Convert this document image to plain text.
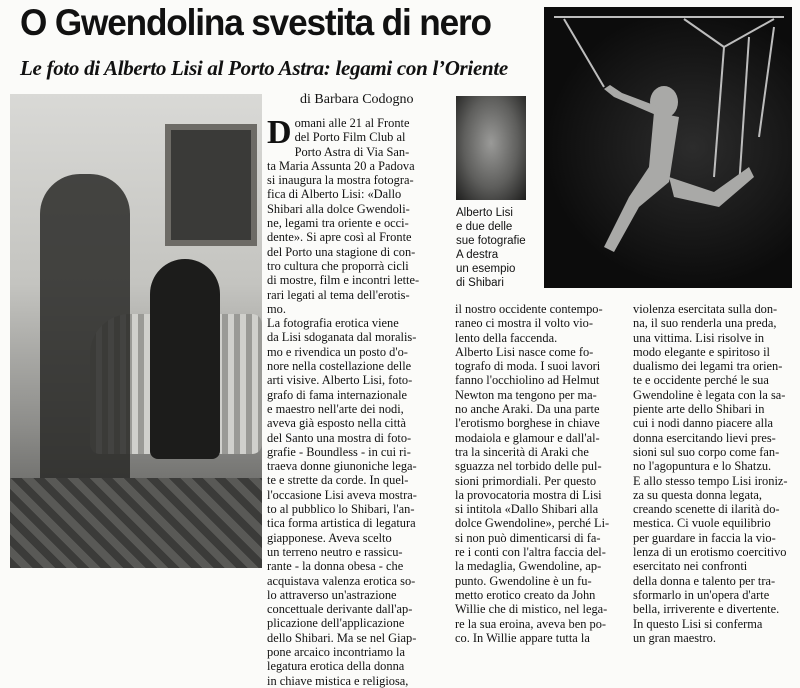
O Gwendolina svestita di nero
Le foto di Alberto Lisi al Porto Astra: legami con l’Oriente
di Barbara Codogno
Alberto Lisi
e due delle
sue fotografie
A destra
un esempio
di Shibari
D omani alle 21 al Fronte
del Porto Film Club al
Porto Astra di Via San-
ta Maria Assunta 20 a Padova
si inaugura la mostra fotogra-
fica di Alberto Lisi: «Dallo
Shibari alla dolce Gwendoli-
ne, legami tra oriente e occi-
dente». Si apre così al Fronte
del Porto una stagione di con-
tro cultura che proporrà cicli
di mostre, film e incontri lette-
rari legati al tema dell'erotis-
mo.
La fotografia erotica viene
da Lisi sdoganata dal moralis-
mo e rivendica un posto d'o-
nore nella costellazione delle
arti visive. Alberto Lisi, foto-
grafo di fama internazionale
e maestro nell'arte dei nodi,
aveva già esposto nella città
del Santo una mostra di foto-
grafie - Boundless - in cui ri-
traeva donne giunoniche lega-
te e strette da corde. In quel-
l'occasione Lisi aveva mostra-
to al pubblico lo Shibari, l'an-
tica forma artistica di legatura
giapponese. Aveva scelto
un terreno neutro e rassicu-
rante - la donna obesa - che
acquistava valenza erotica so-
lo attraverso un'astrazione
concettuale derivante dall'ap-
plicazione dell'applicazione
dello Shibari. Ma se nel Giap-
pone arcaico incontriamo la
legatura erotica della donna
in chiave mistica e religiosa,
il nostro occidente contempo-
raneo ci mostra il volto vio-
lento della faccenda.
Alberto Lisi nasce come fo-
tografo di moda. I suoi lavori
fanno l'occhiolino ad Helmut
Newton ma tengono per ma-
no anche Araki. Da una parte
l'erotismo borghese in chiave
modaiola e glamour e dall'al-
tra la sincerità di Araki che
sguazza nel torbido delle pul-
sioni primordiali. Per questo
la provocatoria mostra di Lisi
si intitola «Dallo Shibari alla
dolce Gwendoline», perché Li-
si non può dimenticarsi di fa-
re i conti con l'altra faccia del-
la medaglia, Gwendoline, ap-
punto. Gwendoline è un fu-
metto erotico creato da John
Willie che di mistico, nel lega-
re la sua eroina, aveva ben po-
co. In Willie appare tutta la
violenza esercitata sulla don-
na, il suo renderla una preda,
una vittima. Lisi risolve in
modo elegante e spiritoso il
dualismo dei legami tra orien-
te e occidente perché le sua
Gwendoline è legata con la sa-
piente arte dello Shibari in
cui i nodi danno piacere alla
donna esercitando lievi pres-
sioni sul suo corpo come fan-
no l'agopuntura e lo Shatzu.
E allo stesso tempo Lisi ironiz-
za su questa donna legata,
creando scenette di ilarità do-
mestica. Ci vuole equilibrio
per guardare in faccia la vio-
lenza di un erotismo coercitivo
esercitato nei confronti
della donna e talento per tra-
sformarlo in un'opera d'arte
bella, irriverente e divertente.
In questo Lisi si conferma
un gran maestro.
